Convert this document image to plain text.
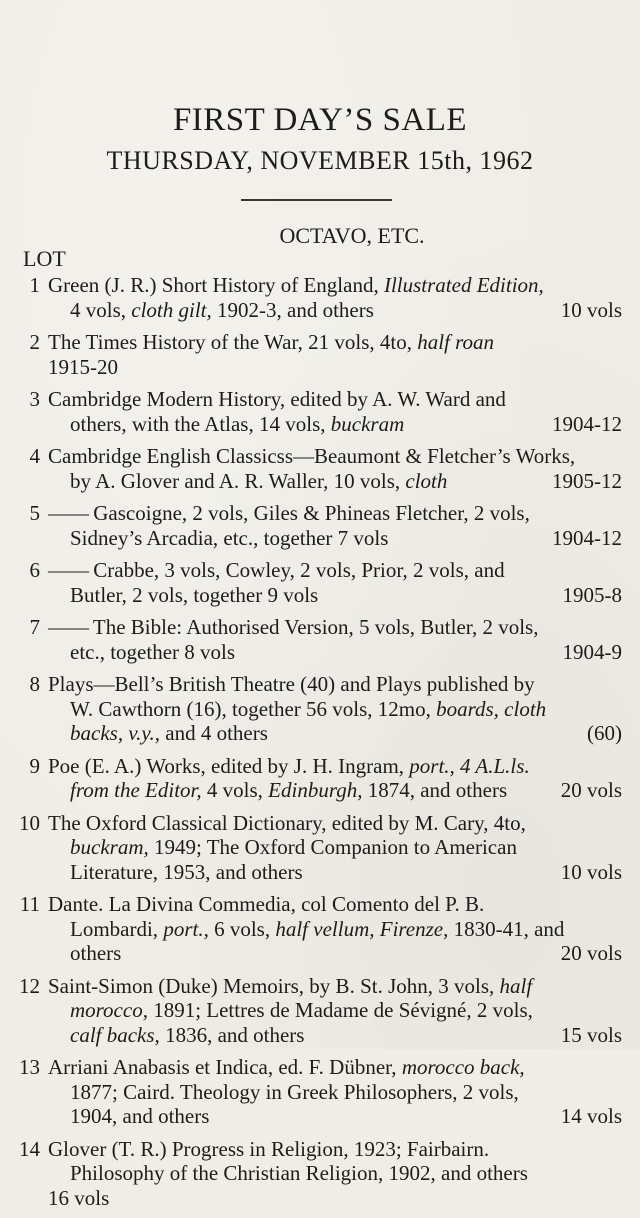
FIRST DAY’S SALE
THURSDAY, NOVEMBER 15th, 1962
OCTAVO, ETC.
LOT
1 Green (J. R.) Short History of England, Illustrated Edition,
4 vols, cloth gilt, 1902-3, and others	10 vols
2 The Times History of the War, 21 vols, 4to, half roan
1915-20
3 Cambridge Modern History, edited by A. W. Ward and
others, with the Atlas, 14 vols, buckram	1904-12
4 Cambridge English Classicss—Beaumont & Fletcher’s Works,
by A. Glover and A. R. Waller, 10 vols, cloth	1905-12
5 —— Gascoigne, 2 vols, Giles & Phineas Fletcher, 2 vols,
Sidney’s Arcadia, etc., together 7 vols	1904-12
6 —— Crabbe, 3 vols, Cowley, 2 vols, Prior, 2 vols, and
Butler, 2 vols, together 9 vols	1905-8
7 —— The Bible: Authorised Version, 5 vols, Butler, 2 vols,
etc., together 8 vols	1904-9
8 Plays—Bell’s British Theatre (40) and Plays published by
W. Cawthorn (16), together 56 vols, 12mo, boards, cloth
backs, v.y., and 4 others	(60)
9 Poe (E. A.) Works, edited by J. H. Ingram, port., 4 A.L.ls.
from the Editor, 4 vols, Edinburgh, 1874, and others	20 vols
10 The Oxford Classical Dictionary, edited by M. Cary, 4to,
buckram, 1949; The Oxford Companion to American
Literature, 1953, and others	10 vols
11 Dante. La Divina Commedia, col Comento del P. B.
Lombardi, port., 6 vols, half vellum, Firenze, 1830-41, and
others	20 vols
12 Saint-Simon (Duke) Memoirs, by B. St. John, 3 vols, half
morocco, 1891; Lettres de Madame de Sévigné, 2 vols,
calf backs, 1836, and others	15 vols
13 Arriani Anabasis et Indica, ed. F. Dübner, morocco back,
1877; Caird. Theology in Greek Philosophers, 2 vols,
1904, and others	14 vols
14 Glover (T. R.) Progress in Religion, 1923; Fairbairn.
Philosophy of the Christian Religion, 1902, and others
16 vols
